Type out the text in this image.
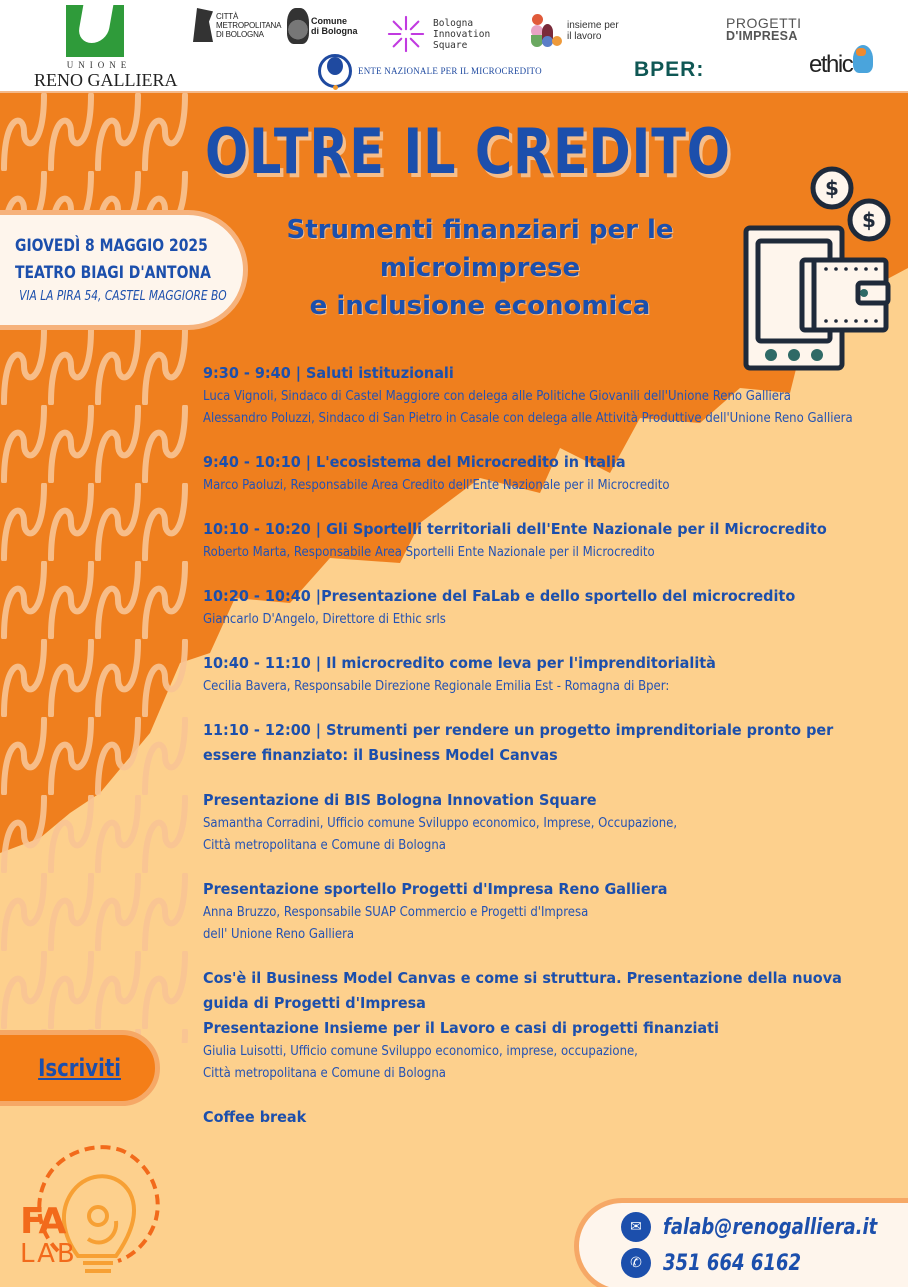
UNIONE
RENO GALLIERA
CITTÀ
METROPOLITANA
DI BOLOGNA
Comune
di Bologna
Bologna
Innovation
Square
insieme per
il lavoro
PROGETTI
D'IMPRESA
ENTE NAZIONALE PER IL MICROCREDITO	BPER:	ethic
OLTRE IL CREDITO
Strumenti finanziari per le
microimprese
e inclusione economica
GIOVEDÌ 8 MAGGIO 2025
TEATRO BIAGI D'ANTONA
VIA LA PIRA 54, CASTEL MAGGIORE BO
$
$
9:30 - 9:40 | Saluti istituzionali
Luca Vignoli, Sindaco di Castel Maggiore con delega alle Politiche Giovanili dell'Unione Reno Galliera
Alessandro Poluzzi, Sindaco di San Pietro in Casale con delega alle Attività Produttive dell'Unione Reno Galliera
9:40 - 10:10 | L'ecosistema del Microcredito in Italia
Marco Paoluzi, Responsabile Area Credito dell'Ente Nazionale per il Microcredito
10:10 - 10:20 | Gli Sportelli territoriali dell'Ente Nazionale per il Microcredito
Roberto Marta, Responsabile Area Sportelli Ente Nazionale per il Microcredito
10:20 - 10:40 |Presentazione del FaLab e dello sportello del microcredito
Giancarlo D'Angelo, Direttore di Ethic srls
10:40 - 11:10 | Il microcredito come leva per l'imprenditorialità
Cecilia Bavera, Responsabile Direzione Regionale Emilia Est - Romagna di Bper:
11:10 - 12:00 | Strumenti per rendere un progetto imprenditoriale pronto per essere finanziato: il Business Model Canvas
Presentazione di BIS Bologna Innovation Square
Samantha Corradini, Ufficio comune Sviluppo economico, Imprese, Occupazione,
Città metropolitana e Comune di Bologna
Presentazione sportello Progetti d'Impresa Reno Galliera
Anna Bruzzo, Responsabile SUAP Commercio e Progetti d'Impresa
dell' Unione Reno Galliera
Cos'è il Business Model Canvas e come si struttura. Presentazione della nuova guida di Progetti d'Impresa
Presentazione Insieme per il Lavoro e casi di progetti finanziati
Giulia Luisotti, Ufficio comune Sviluppo economico, imprese, occupazione,
Città metropolitana e Comune di Bologna
Coffee break
Iscriviti
FA
LAB
✉ falab@renogalliera.it
✆ 351 664 6162
